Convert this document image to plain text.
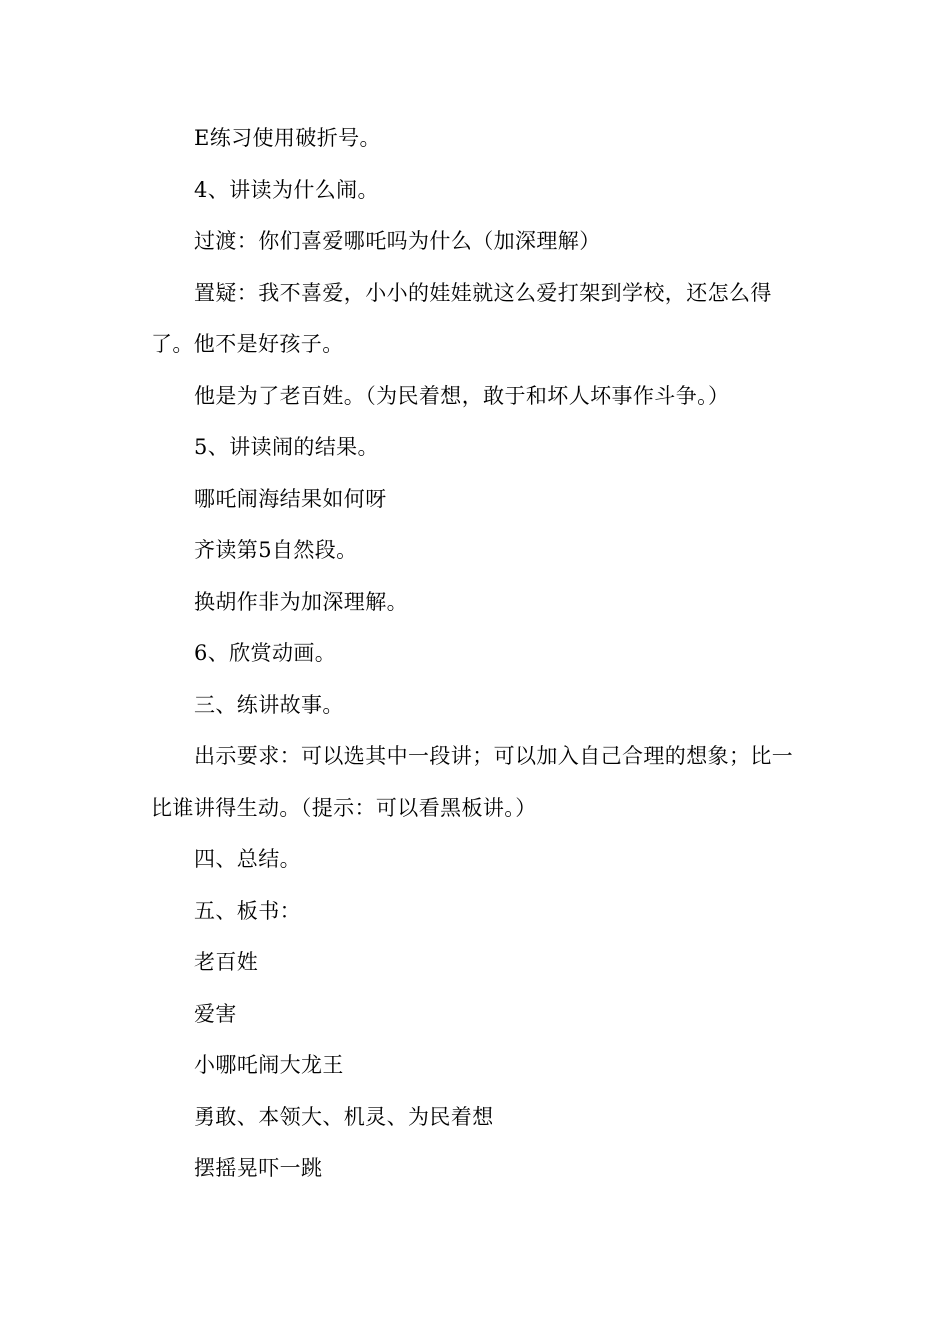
E练习使用破折号。

4、讲读为什么闹。

过渡：你们喜爱哪吒吗为什么（加深理解）

置疑：我不喜爱，小小的娃娃就这么爱打架到学校，还怎么得了。他不是好孩子。

他是为了老百姓。（为民着想，敢于和坏人坏事作斗争。）

5、讲读闹的结果。

哪吒闹海结果如何呀

齐读第5自然段。

换胡作非为加深理解。

6、欣赏动画。

三、练讲故事。

出示要求：可以选其中一段讲；可以加入自己合理的想象；比一比谁讲得生动。（提示：可以看黑板讲。）

四、总结。

五、板书：

老百姓

爱害

小哪吒闹大龙王

勇敢、本领大、机灵、为民着想

摆摇晃吓一跳
